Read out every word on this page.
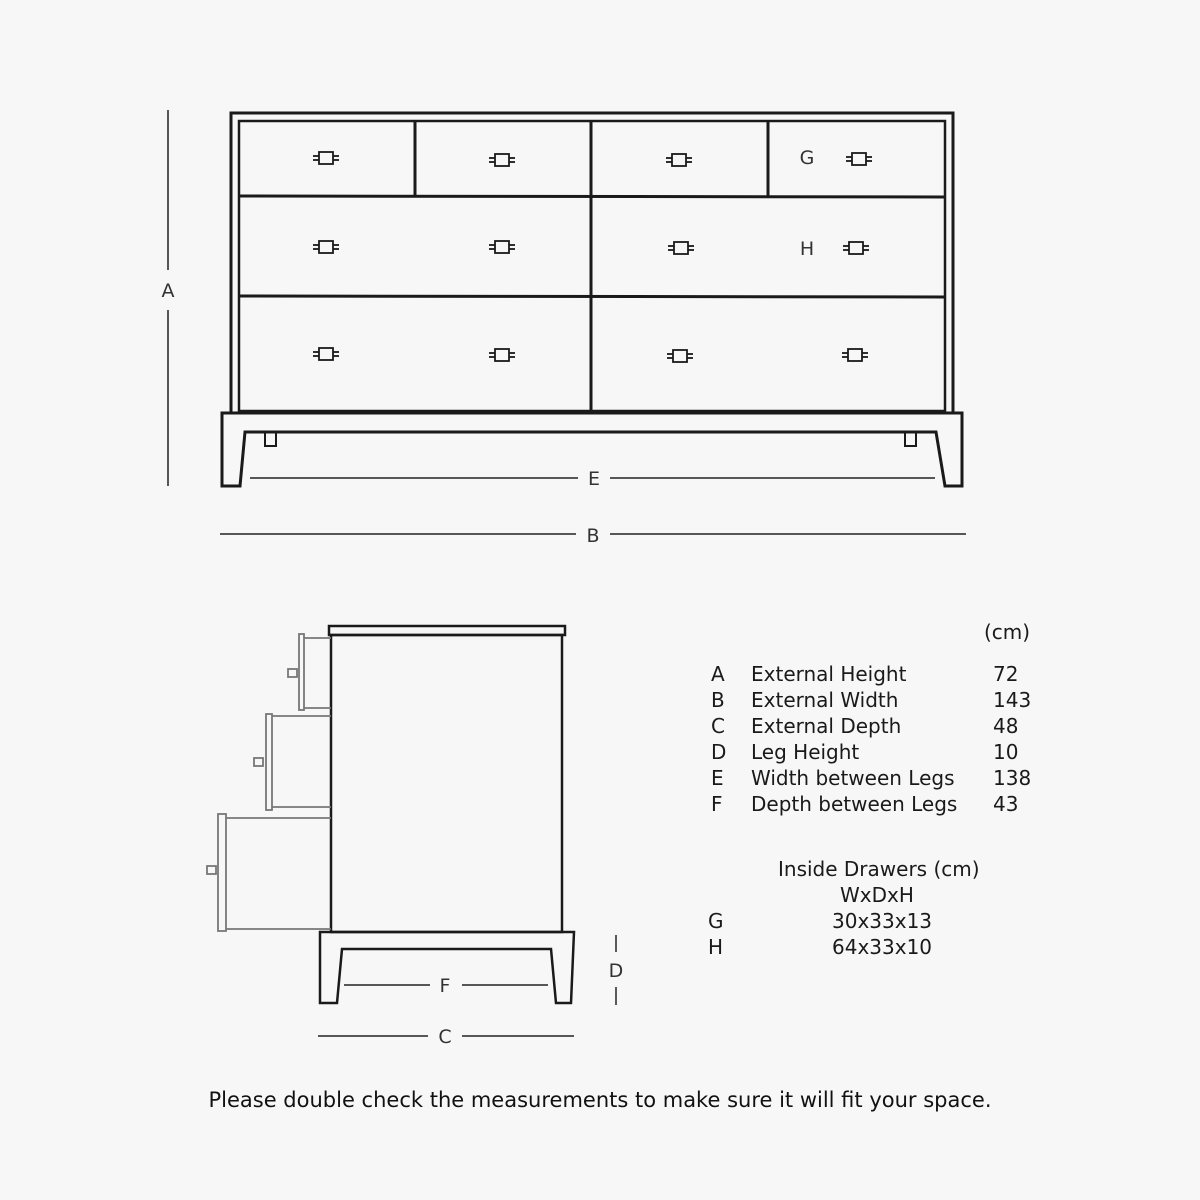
A
E
B
G
H
F
C
D
(cm)
A External Height	72
B External Width	143
C External Depth	48
D Leg Height	10
E Width between Legs 138
F Depth between Legs 43
Inside Drawers (cm)
WxDxH
G	30x33x13
H	64x33x10
Please double check the measurements to make sure it will fit your space.
